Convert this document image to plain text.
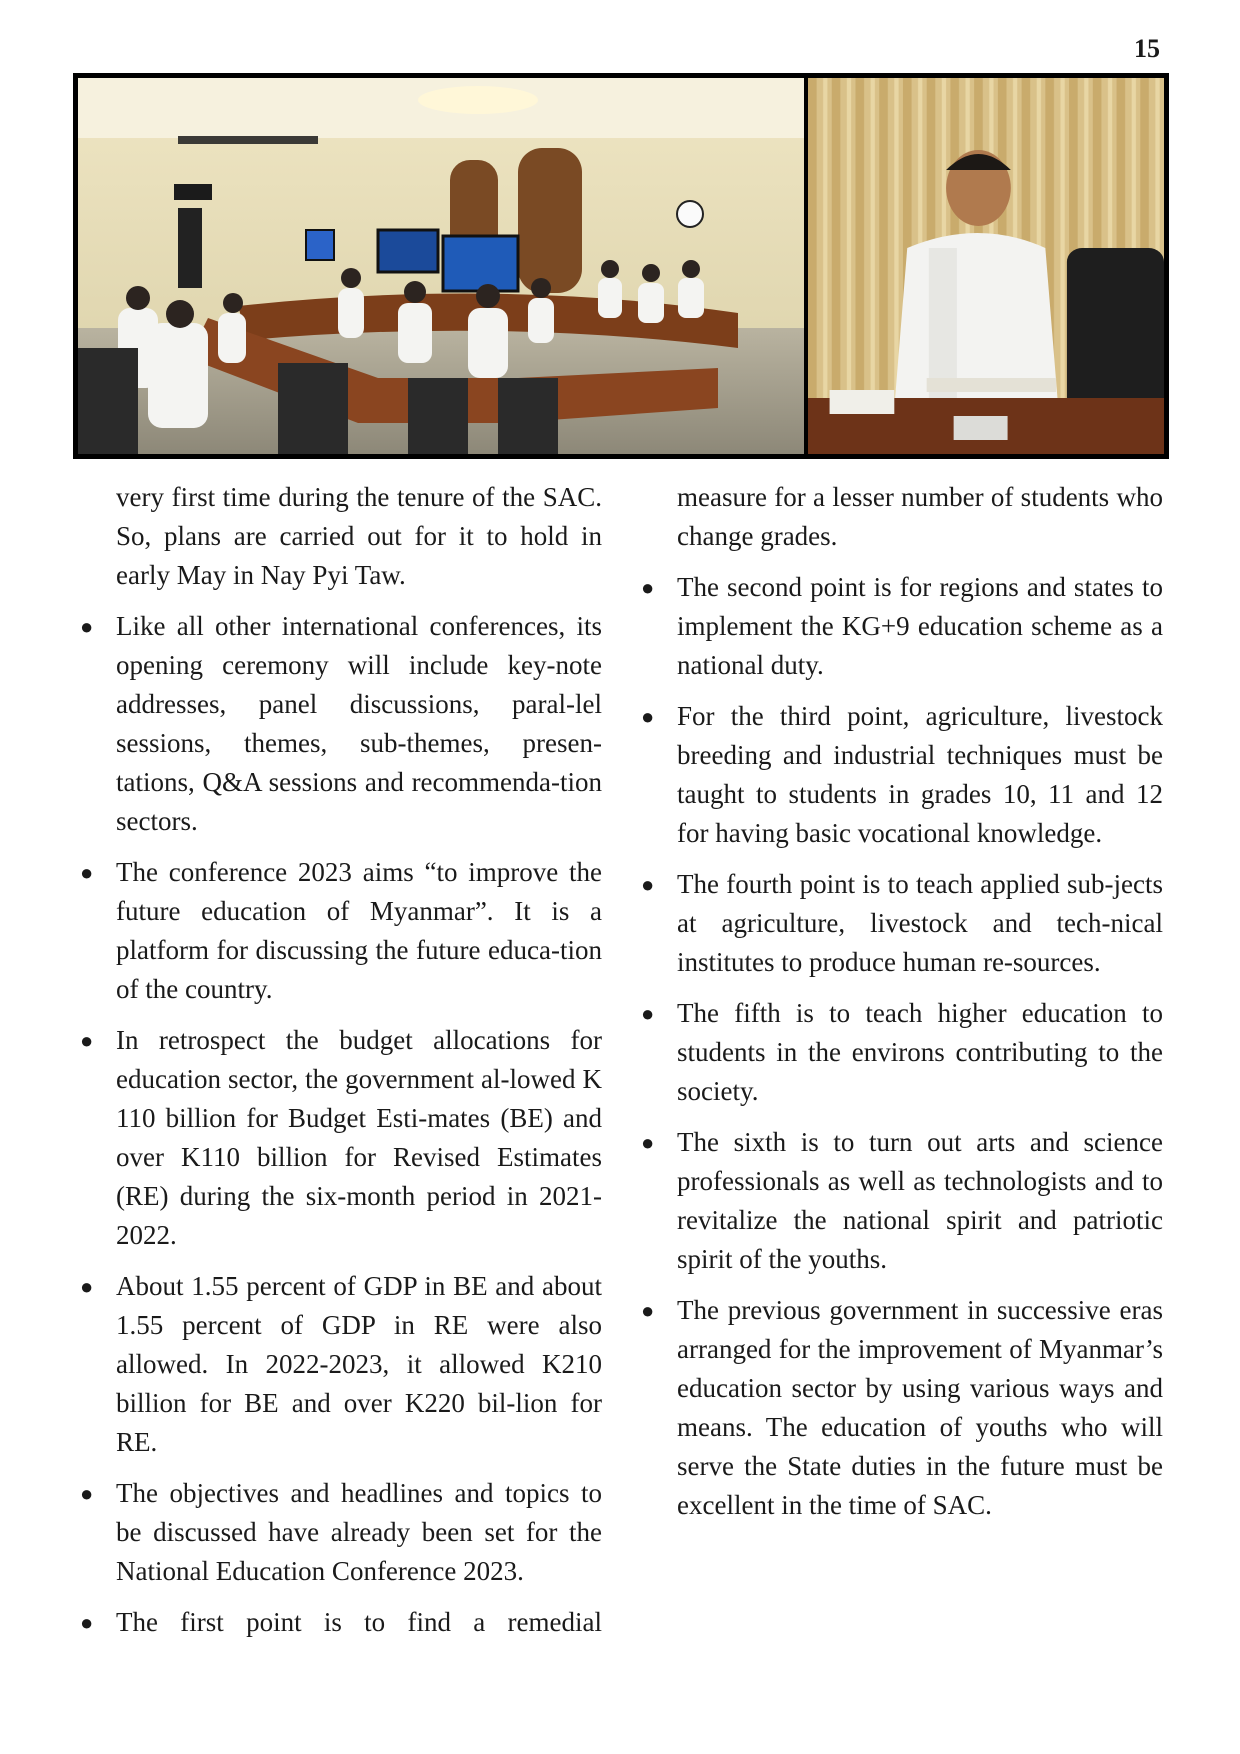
15

very first time during the tenure of the SAC. So, plans are carried out for it to hold in early May in Nay Pyi Taw.

● Like all other international conferences, its opening ceremony will include key-note addresses, panel discussions, paral-lel sessions, themes, sub-themes, presen-tations, Q&A sessions and recommenda-tion sectors.
● The conference 2023 aims “to improve the future education of Myanmar”. It is a platform for discussing the future educa-tion of the country.
● In retrospect the budget allocations for education sector, the government al-lowed K 110 billion for Budget Esti-mates (BE) and over K110 billion for Revised Estimates (RE) during the six-month period in 2021-2022.
● About 1.55 percent of GDP in BE and about 1.55 percent of GDP in RE were also allowed. In 2022-2023, it allowed K210 billion for BE and over K220 bil-lion for RE.
● The objectives and headlines and topics to be discussed have already been set for the National Education Conference 2023.
● The first point is to find a remedial

measure for a lesser number of students who change grades.

● The second point is for regions and states to implement the KG+9 education scheme as a national duty.
● For the third point, agriculture, livestock breeding and industrial techniques must be taught to students in grades 10, 11 and 12 for having basic vocational knowledge.
● The fourth point is to teach applied sub-jects at agriculture, livestock and tech-nical institutes to produce human re-sources.
● The fifth is to teach higher education to students in the environs contributing to the society.
● The sixth is to turn out arts and science professionals as well as technologists and to revitalize the national spirit and patriotic spirit of the youths.
● The previous government in successive eras arranged for the improvement of Myanmar’s education sector by using various ways and means. The education of youths who will serve the State duties in the future must be excellent in the time of SAC.
